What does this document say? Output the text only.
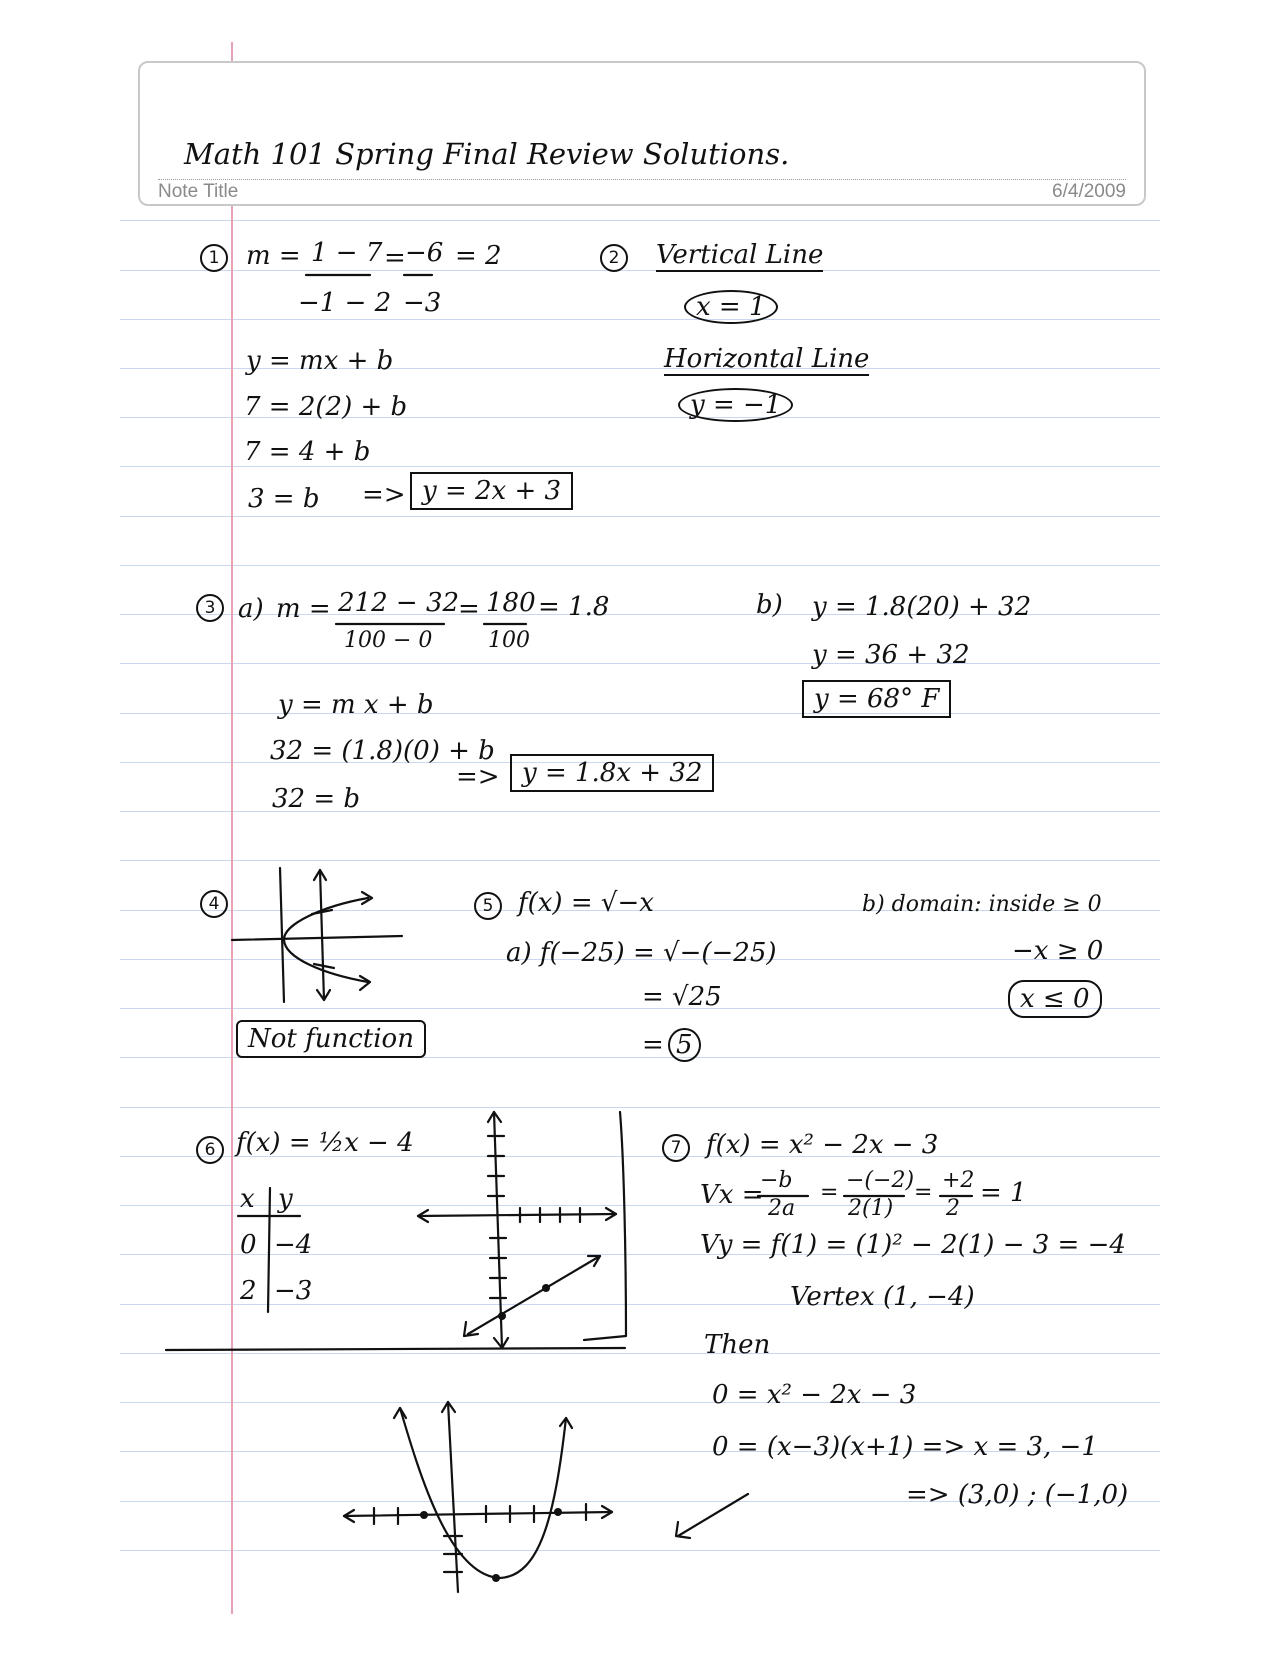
Math 101 Spring Final Review Solutions.
Note Title	6/4/2009
1	m = 1 − 7
−1 − 2
= −6
−3
= 2
y = mx + b
7 = 2(2) + b
7 = 4 + b
3 = b => y = 2x + 3
2	Vertical Line
x = 1
Horizontal Line
y = −1
3 a) m = 212 − 32
100 − 0
= 180
100
= 1.8
y = m x + b
32 = (1.8)(0) + b
32 = b
=> y = 1.8x + 32
b) y = 1.8(20) + 32
y = 36 + 32
y = 68° F
4
Not function
5 f(x) = √−x
a) f(−25) = √−(−25)
= √25
= 5
b) domain: inside ≥ 0
−x ≥ 0
x ≤ 0
6 f(x) = ½x − 4
x y
0 −4
2 −3
7 f(x) = x² − 2x − 3
Vx =
−b
2a
= −(−2)
2(1)
= +2
2
= 1
Vy = f(1) = (1)² − 2(1) − 3 = −4
Vertex (1, −4)
Then
0 = x² − 2x − 3
0 = (x−3)(x+1) => x = 3, −1
=> (3,0) ; (−1,0)
